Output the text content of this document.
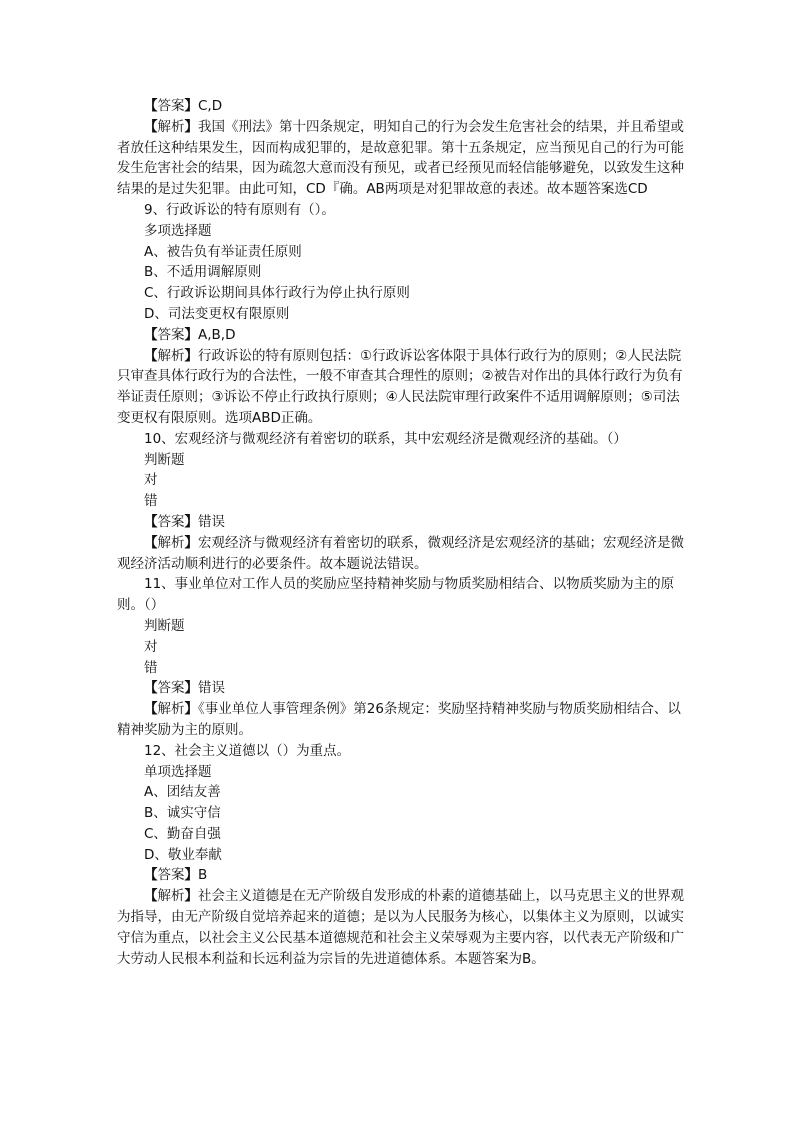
【答案】C,D

【解析】我国《刑法》第十四条规定，明知自己的行为会发生危害社会的结果，并且希望或者放任这种结果发生，因而构成犯罪的，是故意犯罪。第十五条规定，应当预见自己的行为可能发生危害社会的结果，因为疏忽大意而没有预见，或者已经预见而轻信能够避免，以致发生这种结果的是过失犯罪。由此可知，CD『确。AB两项是对犯罪故意的表述。故本题答案选CD

9、行政诉讼的特有原则有（）。

多项选择题

A、被告负有举证责任原则

B、不适用调解原则

C、行政诉讼期间具体行政行为停止执行原则

D、司法变更权有限原则

【答案】A,B,D

【解析】行政诉讼的特有原则包括：①行政诉讼客体限于具体行政行为的原则；②人民法院只审查具体行政行为的合法性，一般不审查其合理性的原则；②被告对作出的具体行政行为负有举证责任原则；③诉讼不停止行政执行原则；④人民法院审理行政案件不适用调解原则；⑤司法变更权有限原则。选项ABD正确。

10、宏观经济与微观经济有着密切的联系，其中宏观经济是微观经济的基础。（）

判断题

对

错

【答案】错误

【解析】宏观经济与微观经济有着密切的联系，微观经济是宏观经济的基础；宏观经济是微观经济活动顺利进行的必要条件。故本题说法错误。

11、事业单位对工作人员的奖励应坚持精神奖励与物质奖励相结合、以物质奖励为主的原则。（）

判断题

对

错

【答案】错误

【解析】《事业单位人事管理条例》第26条规定：奖励坚持精神奖励与物质奖励相结合、以精神奖励为主的原则。

12、社会主义道德以（）为重点。

单项选择题

A、团结友善

B、诚实守信

C、勤奋自强

D、敬业奉献

【答案】B

【解析】社会主义道德是在无产阶级自发形成的朴素的道德基础上，以马克思主义的世界观为指导，由无产阶级自觉培养起来的道德；是以为人民服务为核心，以集体主义为原则，以诚实守信为重点，以社会主义公民基本道德规范和社会主义荣辱观为主要内容，以代表无产阶级和广大劳动人民根本利益和长远利益为宗旨的先进道德体系。本题答案为B。
